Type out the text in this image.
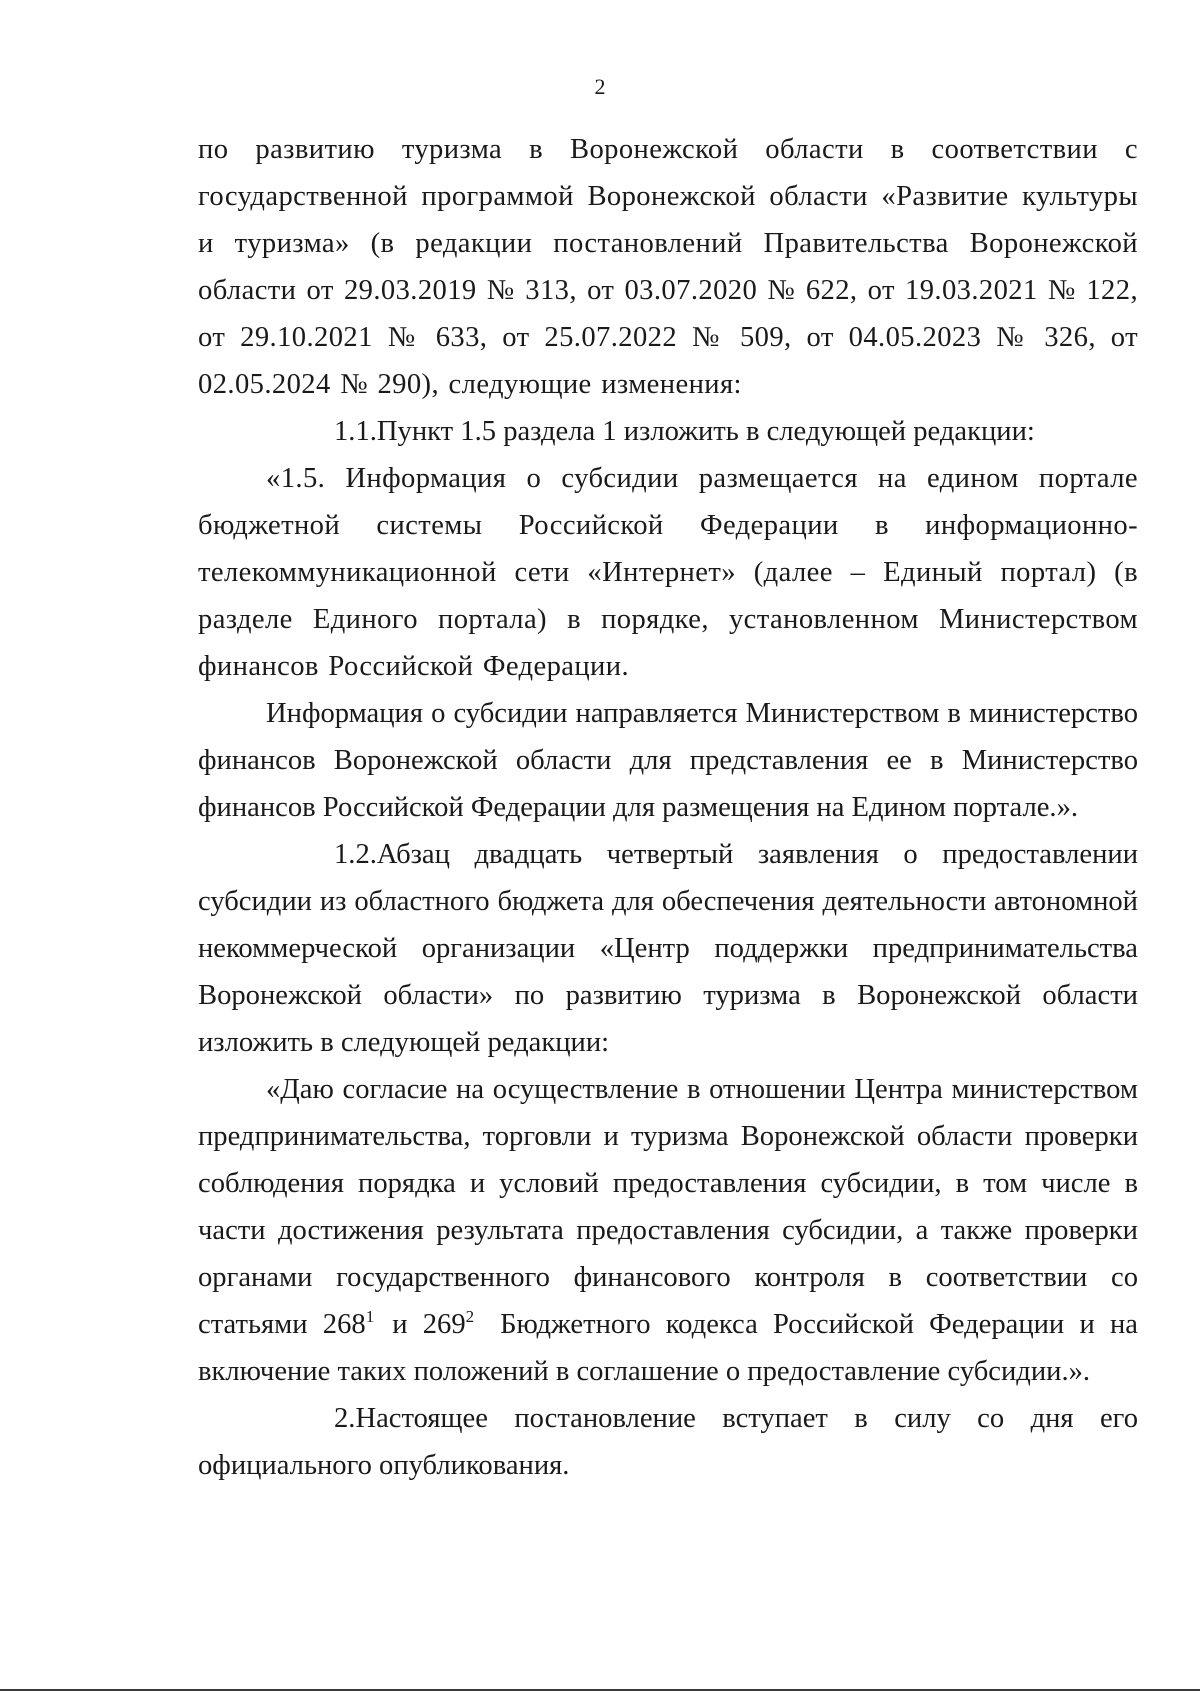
2

по развитию туризма в Воронежской области в соответствии с государственной программой Воронежской области «Развитие культуры и туризма» (в редакции постановлений Правительства Воронежской области от 29.03.2019 № 313, от 03.07.2020 № 622, от 19.03.2021 № 122, от 29.10.2021 № 633, от 25.07.2022 № 509, от 04.05.2023 № 326, от 02.05.2024 № 290), следующие изменения:

1.1.Пункт 1.5 раздела 1 изложить в следующей редакции:

«1.5. Информация о субсидии размещается на едином портале бюджетной системы Российской Федерации в информационно-телекоммуникационной сети «Интернет» (далее – Единый портал) (в разделе Единого портала) в порядке, установленном Министерством финансов Российской Федерации.

Информация о субсидии направляется Министерством в министерство финансов Воронежской области для представления ее в Министерство финансов Российской Федерации для размещения на Едином портале.».

1.2.Абзац двадцать четвертый заявления о предоставлении субсидии из областного бюджета для обеспечения деятельности автономной некоммерческой организации «Центр поддержки предпринимательства Воронежской области» по развитию туризма в Воронежской области изложить в следующей редакции:

«Даю согласие на осуществление в отношении Центра министерством предпринимательства, торговли и туризма Воронежской области проверки соблюдения порядка и условий предоставления субсидии, в том числе в части достижения результата предоставления субсидии, а также проверки органами государственного финансового контроля в соответствии со статьями 268$^1$ и 269$^2$ Бюджетного кодекса Российской Федерации и на включение таких положений в соглашение о предоставление субсидии.».

2.Настоящее постановление вступает в силу со дня его официального опубликования.
